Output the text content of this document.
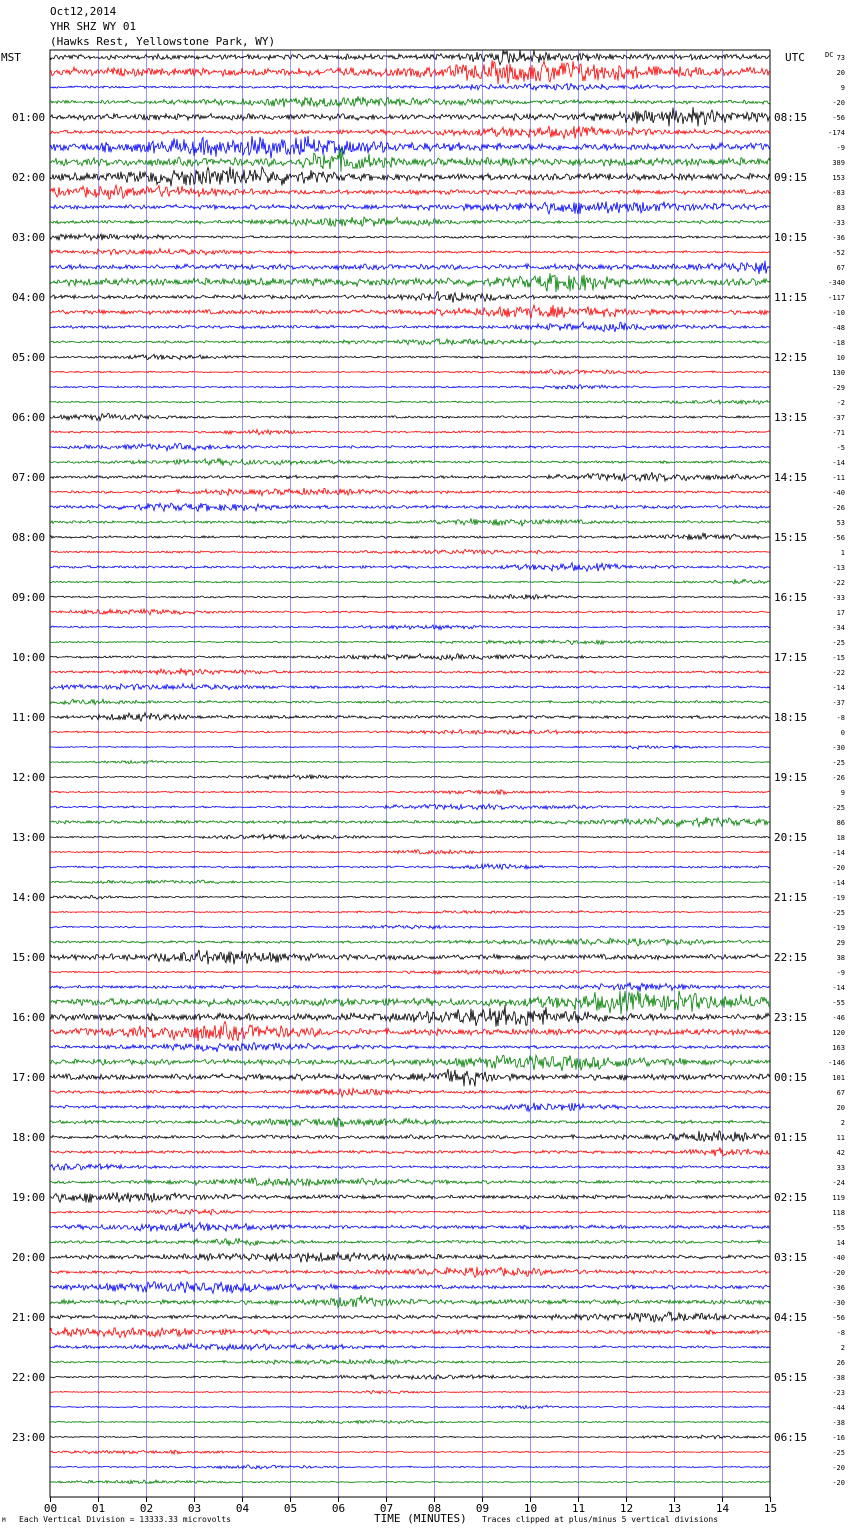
Oct12,2014
YHR SHZ WY 01
(Hawks Rest, Yellowstone Park, WY)
MST	UTC
00	01	02	03	04	05	06	07	08	09	10	11	12	13	14	15
73
20
9
-20
-56
-174
-9
389
153
-83
83
-33
-36
-52
67
-340
-117
-10
-48
-18
10
130
-29
-2
-37
-71
-5
-14
-11
-40
-26
53
-56
1
-13
-22
-33
17
-34
-25
-15
-22
-14
-37
-8
0
-30
-25
-26
9
-25
86
18
-14
-20
-14
-19
-25
-19
29
38
-9
-14
-55
-46
120
163
-146
101
67
20
2
11
42
33
-24
119
118
-55
14
-40
-20
-36
-30
-56
-8
2
26
-38
-23
-44
-38
-16
-25
-20
-20
DC
01:00	08:15
02:00	09:15
03:00	10:15
04:00	11:15
05:00	12:15
06:00	13:15
07:00	14:15
08:00	15:15
09:00	16:15
10:00	17:15
11:00	18:15
12:00	19:15
13:00	20:15
14:00	21:15
15:00	22:15
16:00	23:15
17:00	00:15
18:00	01:15
19:00	02:15
20:00	03:15
21:00	04:15
22:00	05:15
23:00	06:15
M Each Vertical Division = 13333.33 microvolts	TIME (MINUTES) Traces clipped at plus/minus 5 vertical divisions
